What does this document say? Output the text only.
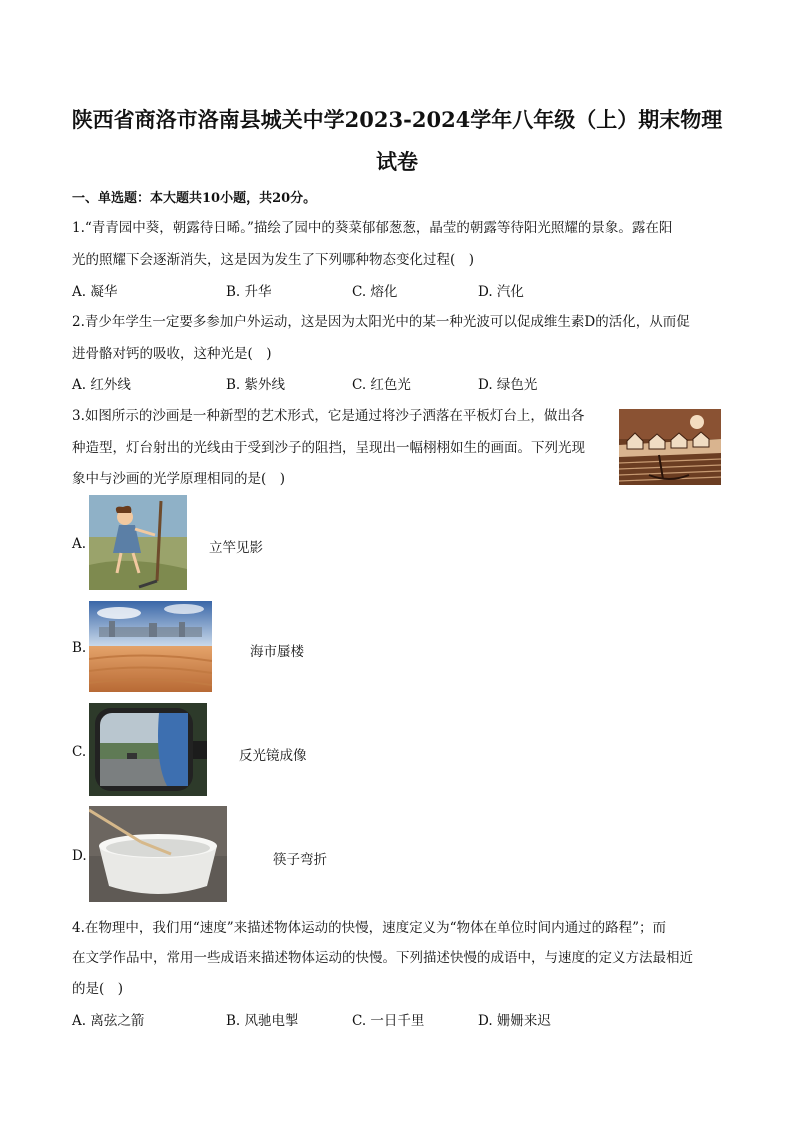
陕西省商洛市洛南县城关中学2023-2024学年八年级（上）期末物理
试卷
一、单选题：本大题共10小题，共20分。
1.“青青园中葵，朝露待日晞。”描绘了园中的葵菜郁郁葱葱，晶莹的朝露等待阳光照耀的景象。露在阳
光的照耀下会逐渐消失，这是因为发生了下列哪种物态变化过程(　)
A. 凝华	B. 升华	C. 熔化	D. 汽化
2.青少年学生一定要多参加户外运动，这是因为太阳光中的某一种光波可以促成维生素D的活化，从而促
进骨骼对钙的吸收，这种光是(　)
A. 红外线	B. 紫外线	C. 红色光	D. 绿色光
3.如图所示的沙画是一种新型的艺术形式，它是通过将沙子洒落在平板灯台上，做出各
种造型，灯台射出的光线由于受到沙子的阻挡，呈现出一幅栩栩如生的画面。下列光现
象中与沙画的光学原理相同的是(　)
A.	立竿见影
B.	海市蜃楼
C.	反光镜成像
D.	筷子弯折
4.在物理中，我们用“速度”来描述物体运动的快慢，速度定义为“物体在单位时间内通过的路程”；而
在文学作品中，常用一些成语来描述物体运动的快慢。下列描述快慢的成语中，与速度的定义方法最相近
的是(　)
A. 离弦之箭	B. 风驰电掣	C. 一日千里	D. 姗姗来迟
